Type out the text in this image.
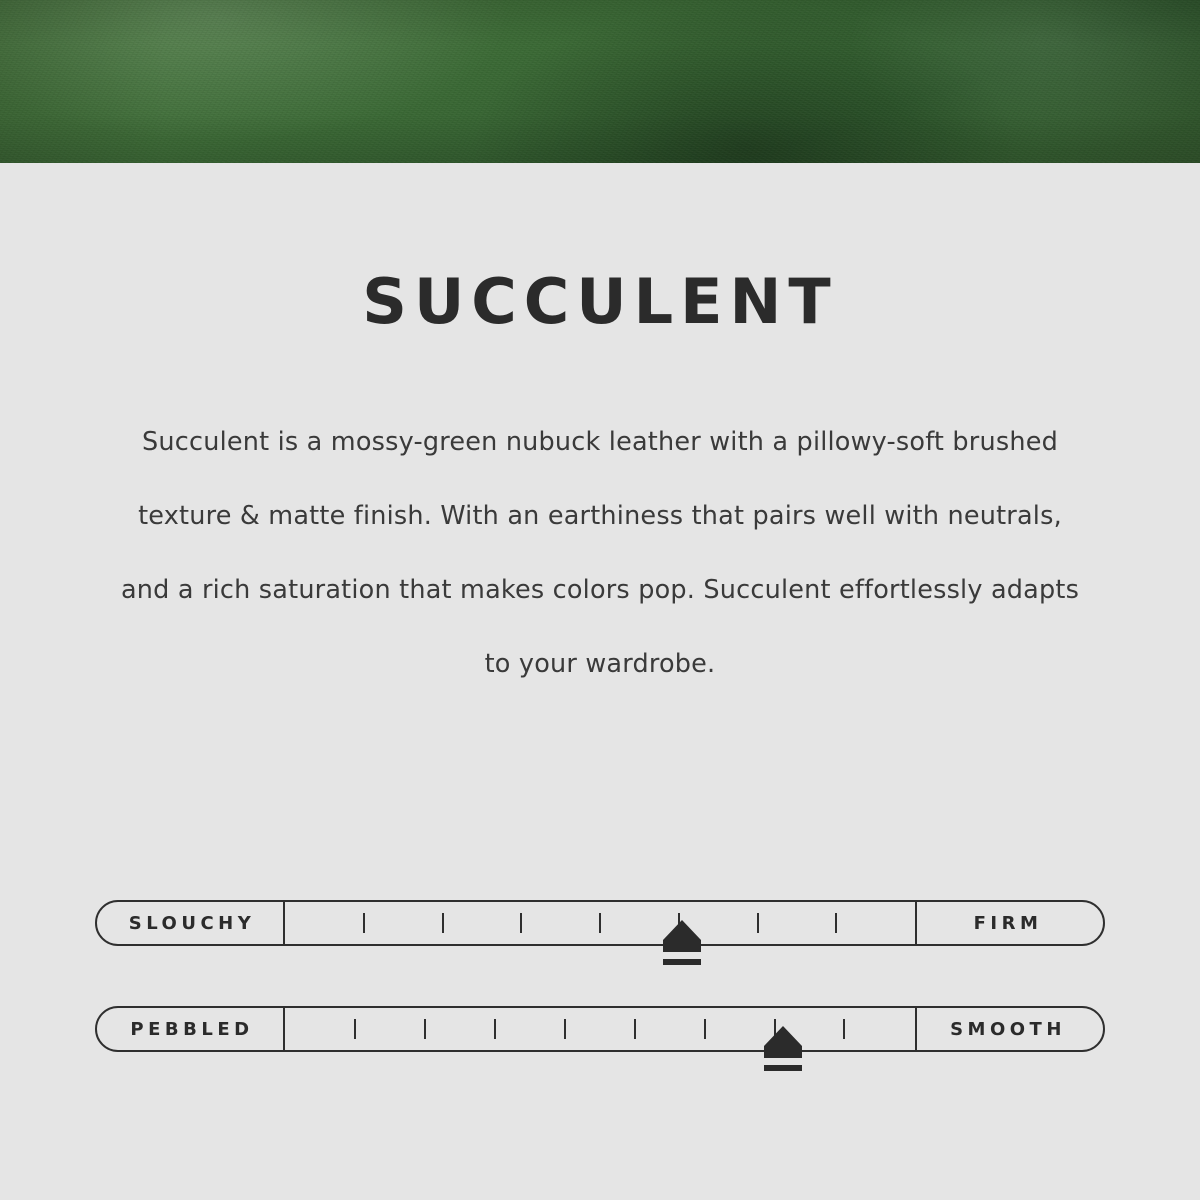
SUCCULENT

Succulent is a mossy-green nubuck leather with a pillowy-soft brushed texture & matte finish. With an earthiness that pairs well with neutrals, and a rich saturation that makes colors pop. Succulent effortlessly adapts to your wardrobe.

SLOUCHY	FIRM
PEBBLED	SMOOTH
